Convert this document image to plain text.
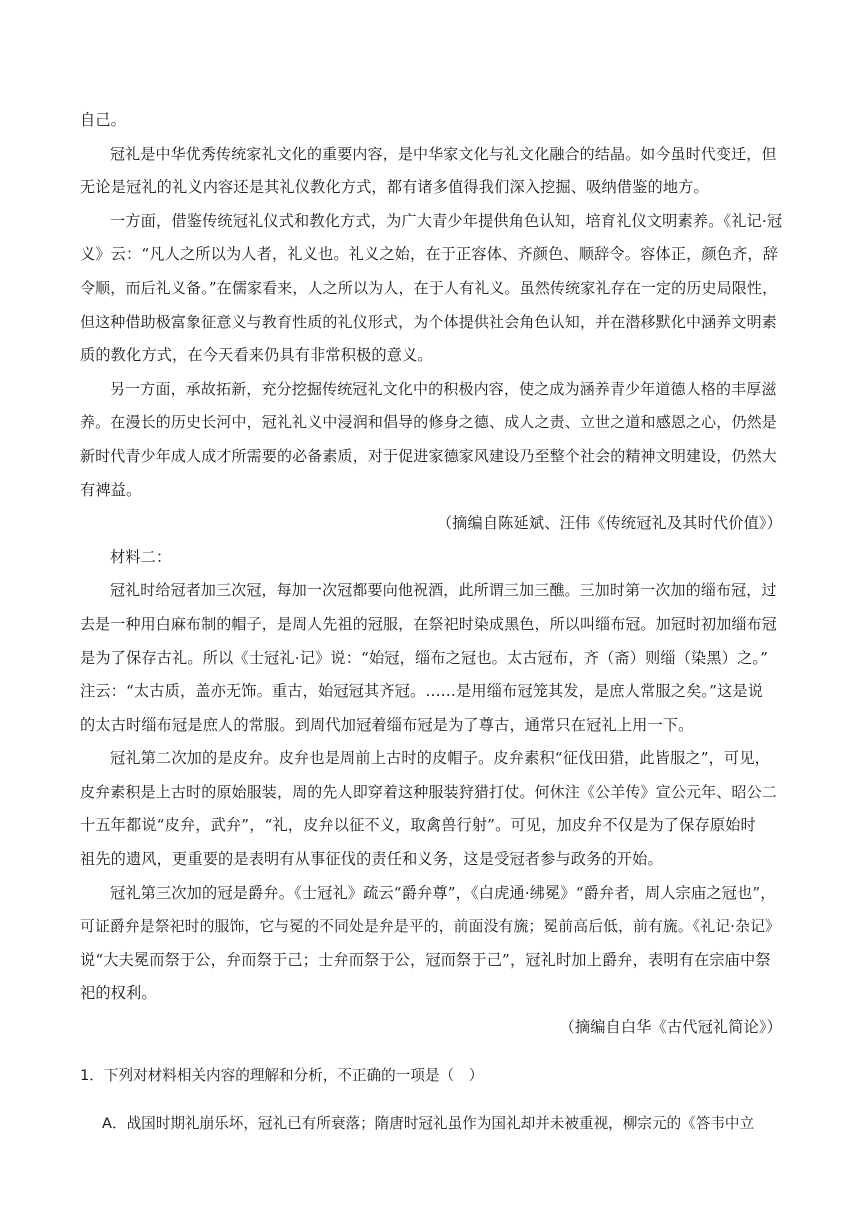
自己。

冠礼是中华优秀传统家礼文化的重要内容，是中华家文化与礼文化融合的结晶。如今虽时代变迁，但

无论是冠礼的礼义内容还是其礼仪教化方式，都有诸多值得我们深入挖掘、吸纳借鉴的地方。

一方面，借鉴传统冠礼仪式和教化方式，为广大青少年提供角色认知，培育礼仪文明素养。《礼记·冠

义》云：“凡人之所以为人者，礼义也。礼义之始，在于正容体、齐颜色、顺辞令。容体正，颜色齐，辞

令顺，而后礼义备。”在儒家看来，人之所以为人，在于人有礼义。虽然传统家礼存在一定的历史局限性，

但这种借助极富象征意义与教育性质的礼仪形式，为个体提供社会角色认知，并在潜移默化中涵养文明素

质的教化方式，在今天看来仍具有非常积极的意义。

另一方面，承故拓新，充分挖掘传统冠礼文化中的积极内容，使之成为涵养青少年道德人格的丰厚滋

养。在漫长的历史长河中，冠礼礼义中浸润和倡导的修身之德、成人之责、立世之道和感恩之心，仍然是

新时代青少年成人成才所需要的必备素质，对于促进家德家风建设乃至整个社会的精神文明建设，仍然大

有裨益。

（摘编自陈延斌、汪伟《传统冠礼及其时代价值》）

材料二：

冠礼时给冠者加三次冠，每加一次冠都要向他祝酒，此所谓三加三醮。三加时第一次加的缁布冠，过

去是一种用白麻布制的帽子，是周人先祖的冠服，在祭祀时染成黑色，所以叫缁布冠。加冠时初加缁布冠

是为了保存古礼。所以《士冠礼·记》说：“始冠，缁布之冠也。太古冠布，齐（斋）则缁（染黑）之。”

注云：“太古质，盖亦无饰。重古，始冠冠其齐冠。……是用缁布冠笼其发，是庶人常服之矣。”这是说

的太古时缁布冠是庶人的常服。到周代加冠着缁布冠是为了尊古，通常只在冠礼上用一下。

冠礼第二次加的是皮弁。皮弁也是周前上古时的皮帽子。皮弁素积“征伐田猎，此皆服之”，可见，

皮弁素积是上古时的原始服装，周的先人即穿着这种服装狩猎打仗。何休注《公羊传》宣公元年、昭公二

十五年都说“皮弁，武弁”，“礼，皮弁以征不义，取禽兽行射”。可见，加皮弁不仅是为了保存原始时

祖先的遗风，更重要的是表明有从事征伐的责任和义务，这是受冠者参与政务的开始。

冠礼第三次加的冠是爵弁。《士冠礼》疏云“爵弁尊”，《白虎通·绋冕》“爵弁者，周人宗庙之冠也”，

可证爵弁是祭祀时的服饰，它与冕的不同处是弁是平的，前面没有旒；冕前高后低，前有旒。《礼记·杂记》

说“大夫冕而祭于公，弁而祭于己；士弁而祭于公，冠而祭于己”，冠礼时加上爵弁，表明有在宗庙中祭

祀的权利。

（摘编自白华《古代冠礼简论》）

1．下列对材料相关内容的理解和分析，不正确的一项是（　）

A．战国时期礼崩乐坏，冠礼已有所衰落；隋唐时冠礼虽作为国礼却并未被重视，柳宗元的《答韦中立
